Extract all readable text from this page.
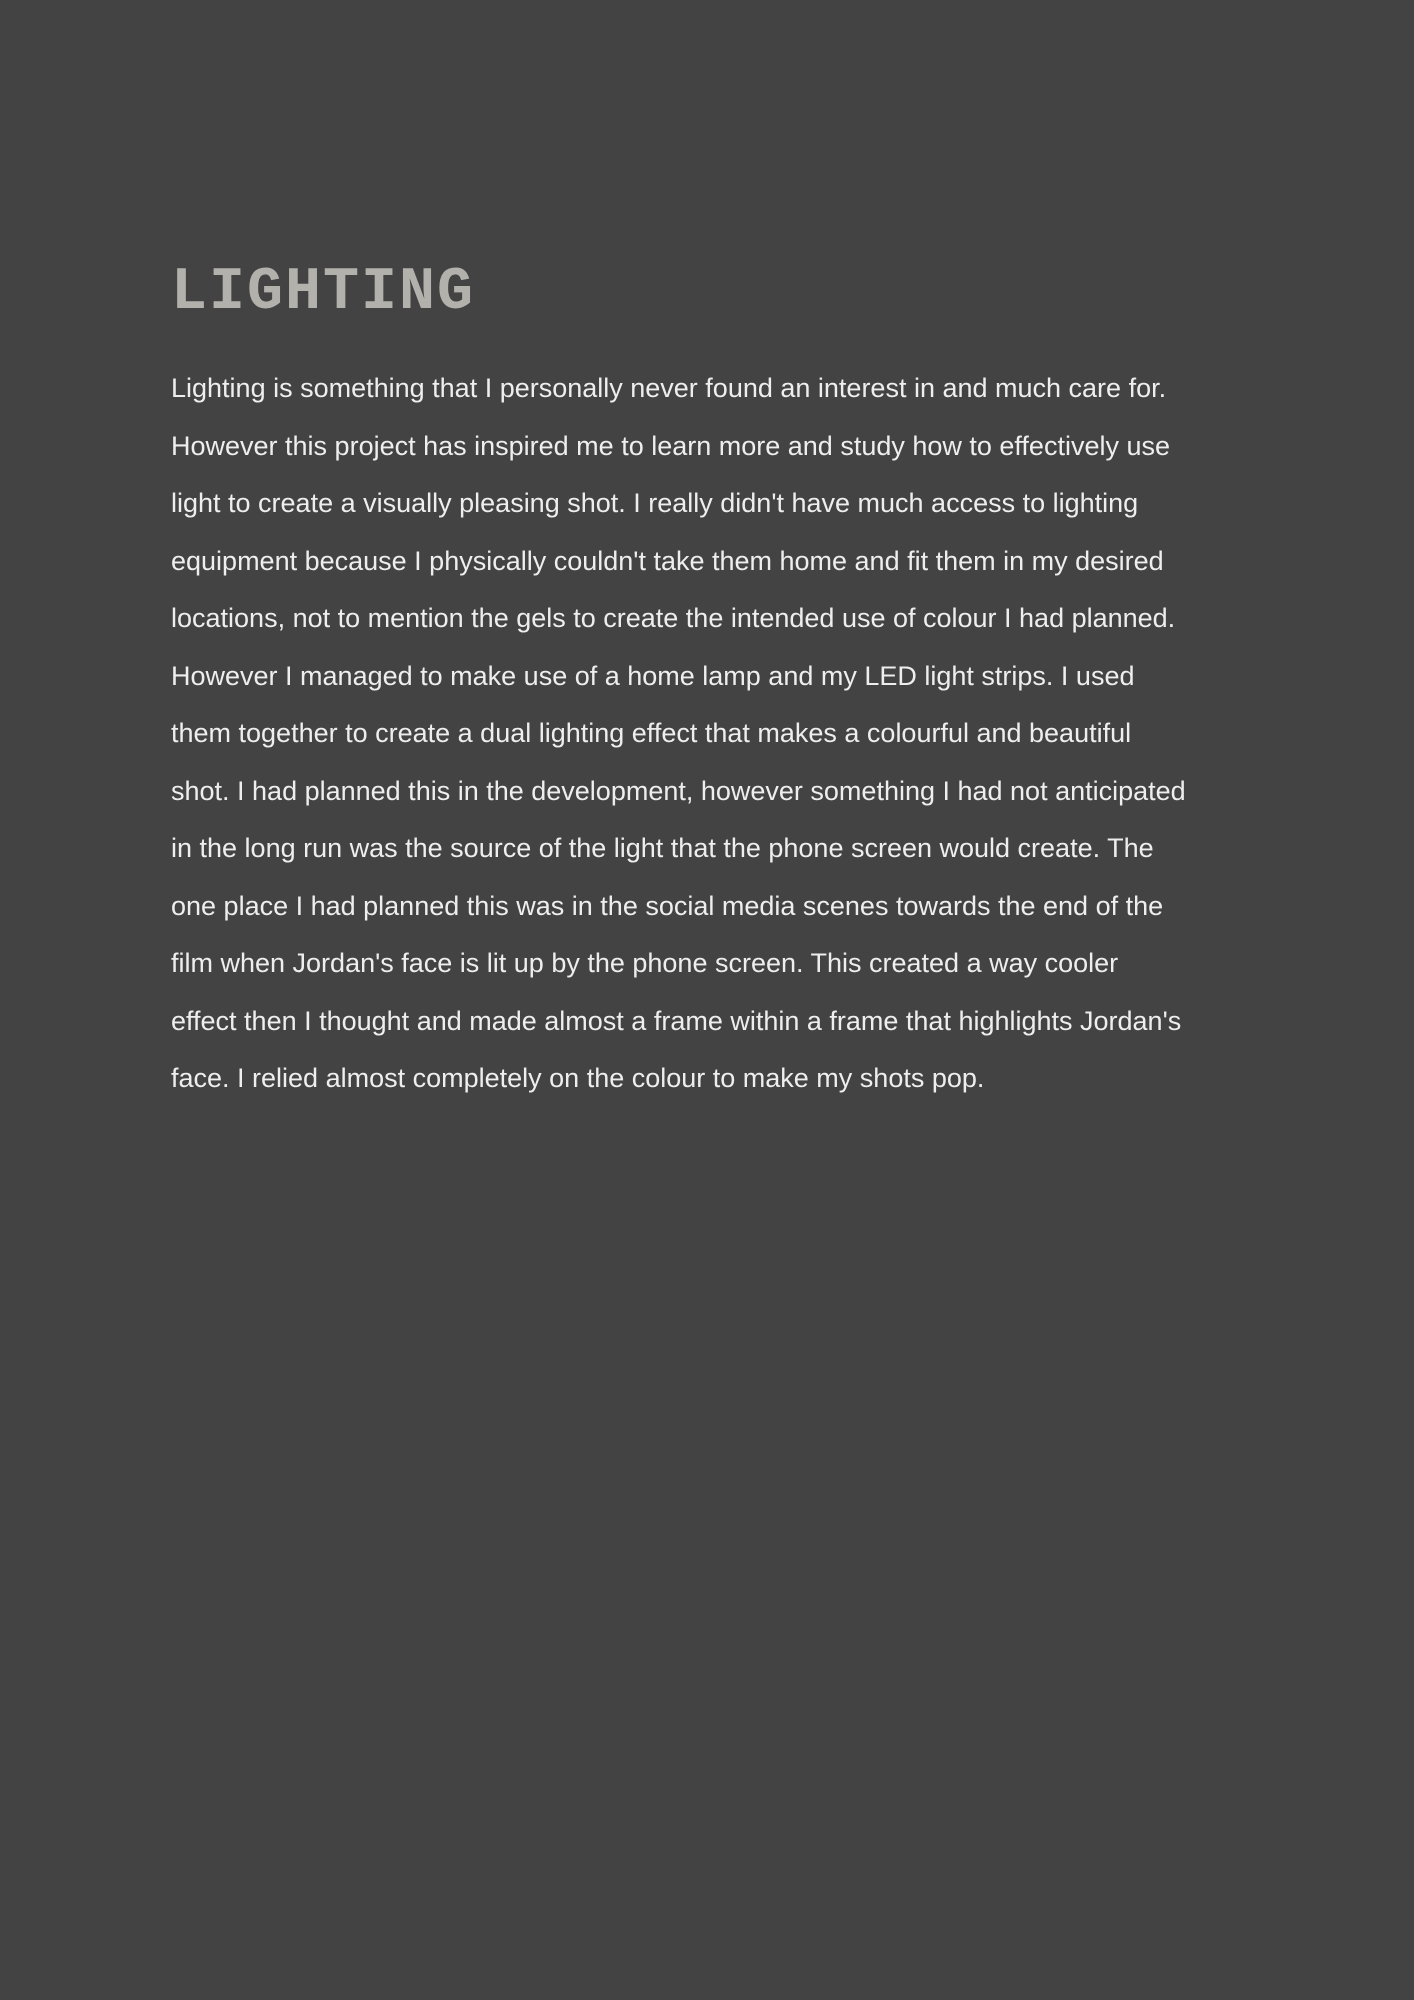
LIGHTING
Lighting is something that I personally never found an interest in and much care for.
However this project has inspired me to learn more and study how to effectively use
light to create a visually pleasing shot. I really didn't have much access to lighting
equipment because I physically couldn't take them home and fit them in my desired
locations, not to mention the gels to create the intended use of colour I had planned.
However I managed to make use of a home lamp and my LED light strips. I used
them together to create a dual lighting effect that makes a colourful and beautiful
shot. I had planned this in the development, however something I had not anticipated
in the long run was the source of the light that the phone screen would create. The
one place I had planned this was in the social media scenes towards the end of the
film when Jordan's face is lit up by the phone screen. This created a way cooler
effect then I thought and made almost a frame within a frame that highlights Jordan's
face. I relied almost completely on the colour to make my shots pop.
